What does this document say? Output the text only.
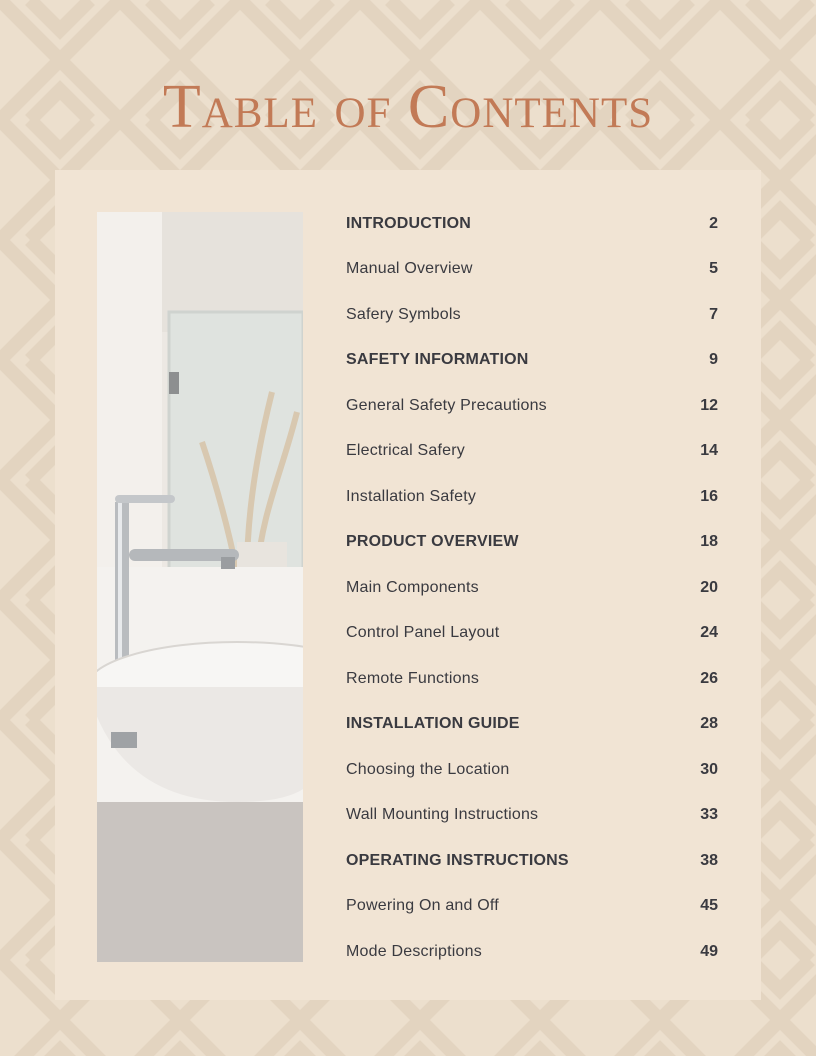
Table of Contents
INTRODUCTION	2
Manual Overview	5
Safery Symbols	7
SAFETY INFORMATION	9
General Safety Precautions	12
Electrical Safery	14
Installation Safety	16
PRODUCT OVERVIEW	18
Main Components	20
Control Panel Layout	24
Remote Functions	26
INSTALLATION GUIDE	28
Choosing the Location	30
Wall Mounting Instructions	33
OPERATING INSTRUCTIONS	38
Powering On and Off	45
Mode Descriptions	49
